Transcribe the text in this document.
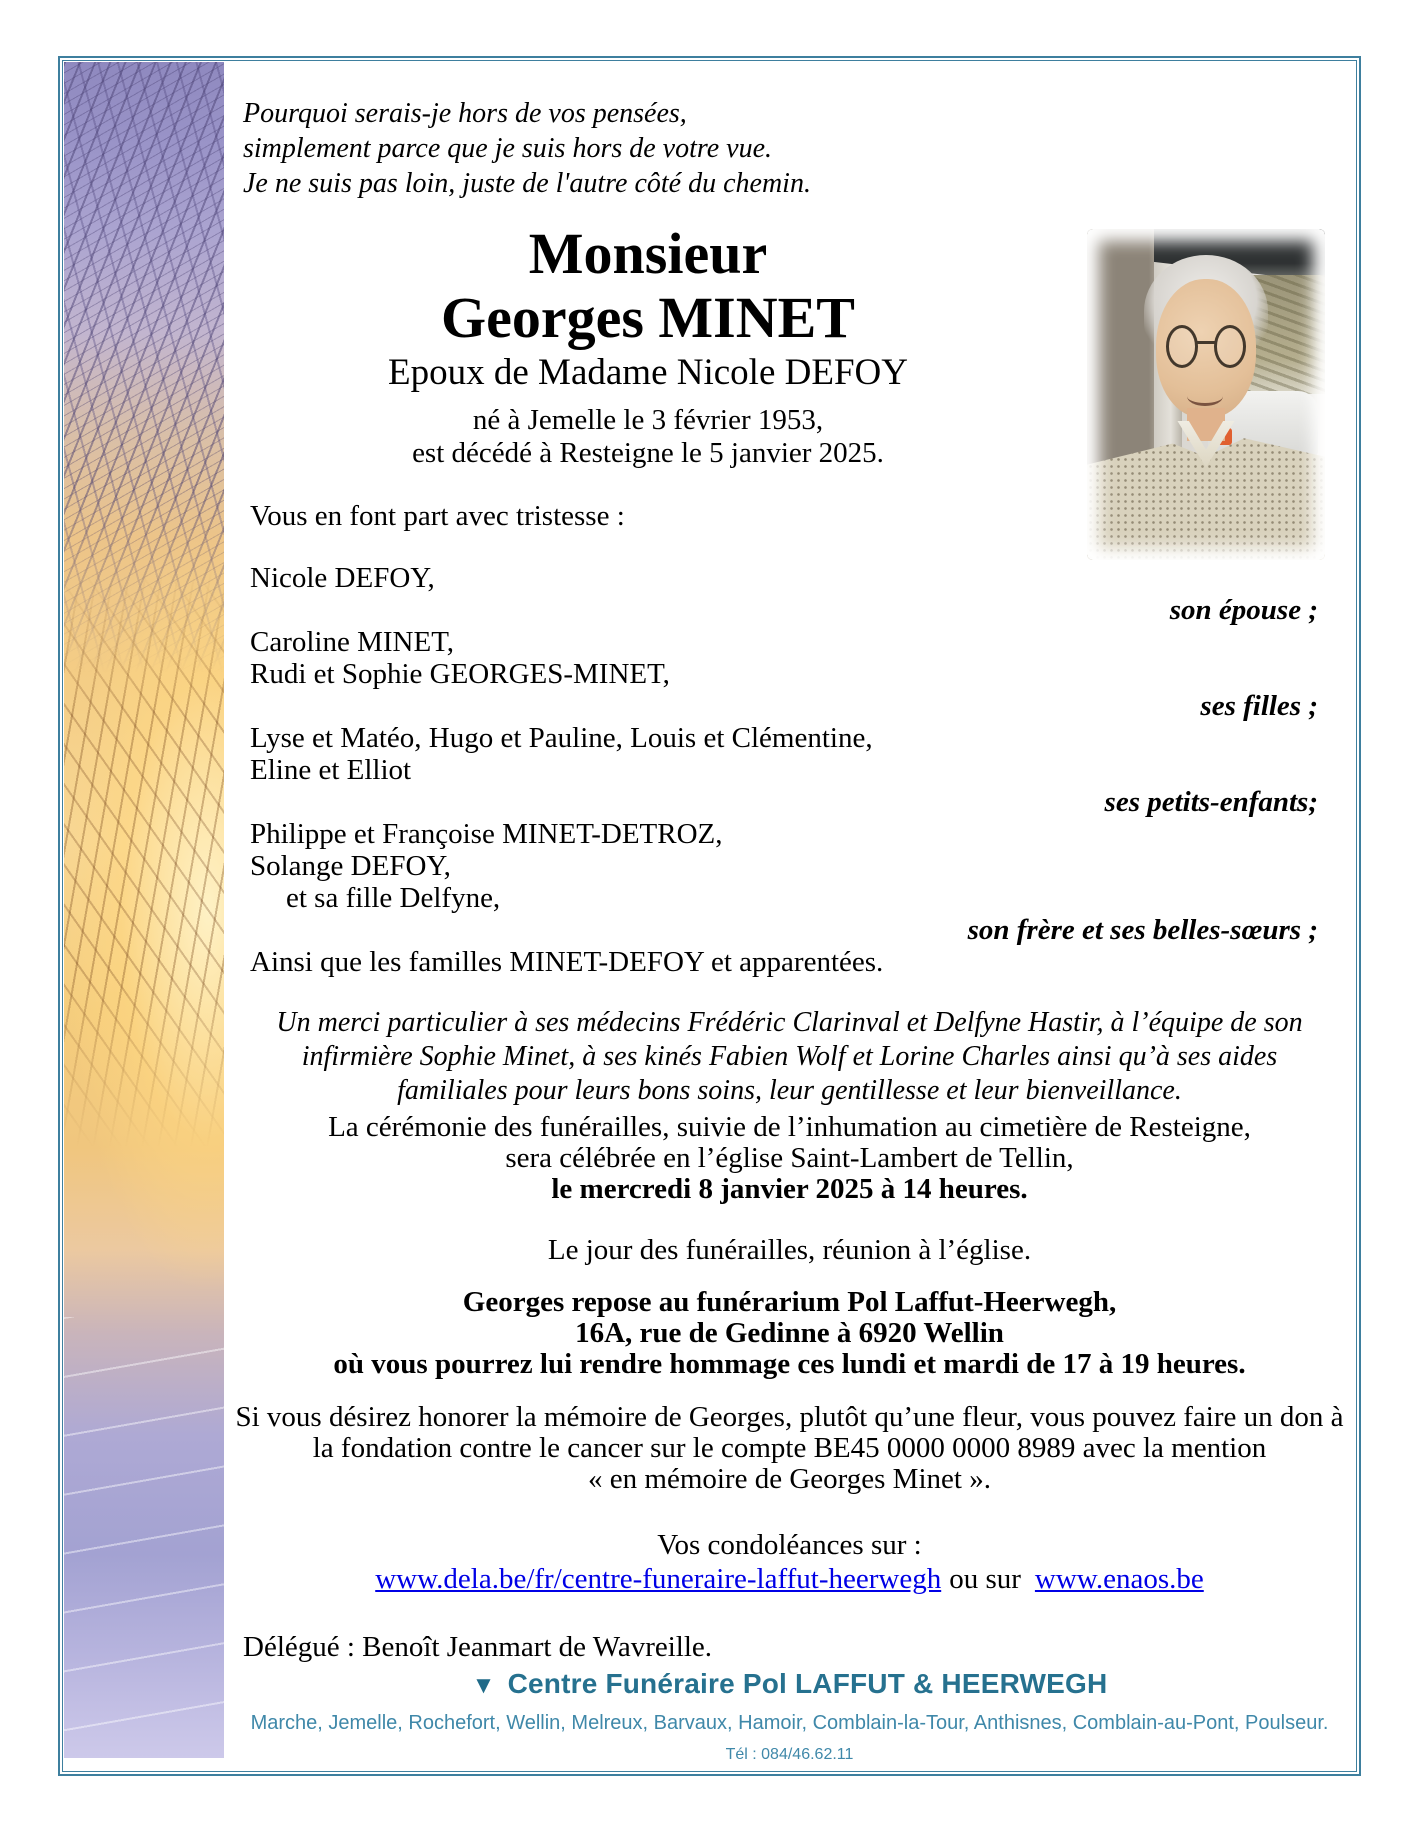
Pourquoi serais-je hors de vos pensées,
simplement parce que je suis hors de votre vue.
Je ne suis pas loin, juste de l'autre côté du chemin.
Monsieur
Georges MINET
Epoux de Madame Nicole DEFOY
né à Jemelle le 3 février 1953,
est décédé à Resteigne le 5 janvier 2025.
Vous en font part avec tristesse :
Nicole DEFOY,
son épouse ;
Caroline MINET,
Rudi et Sophie GEORGES-MINET,
ses filles ;
Lyse et Matéo, Hugo et Pauline, Louis et Clémentine,
Eline et Elliot
ses petits-enfants;
Philippe et Françoise MINET-DETROZ,
Solange DEFOY,
et sa fille Delfyne,
son frère et ses belles-sœurs ;
Ainsi que les familles MINET-DEFOY et apparentées.
Un merci particulier à ses médecins Frédéric Clarinval et Delfyne Hastir, à l’équipe de son
infirmière Sophie Minet, à ses kinés Fabien Wolf et Lorine Charles ainsi qu’à ses aides
familiales pour leurs bons soins, leur gentillesse et leur bienveillance.
La cérémonie des funérailles, suivie de l’inhumation au cimetière de Resteigne,
sera célébrée en l’église Saint-Lambert de Tellin,
le mercredi 8 janvier 2025 à 14 heures.
Le jour des funérailles, réunion à l’église.
Georges repose au funérarium Pol Laffut-Heerwegh,
16A, rue de Gedinne à 6920 Wellin
où vous pourrez lui rendre hommage ces lundi et mardi de 17 à 19 heures.
Si vous désirez honorer la mémoire de Georges, plutôt qu’une fleur, vous pouvez faire un don à
la fondation contre le cancer sur le compte BE45 0000 0000 8989 avec la mention
« en mémoire de Georges Minet ».
Vos condoléances sur :
www.dela.be/fr/centre-funeraire-laffut-heerwegh ou sur www.enaos.be
Délégué : Benoît Jeanmart de Wavreille.
▼ Centre Funéraire Pol LAFFUT & HEERWEGH
Marche, Jemelle, Rochefort, Wellin, Melreux, Barvaux, Hamoir, Comblain-la-Tour, Anthisnes, Comblain-au-Pont, Poulseur.
Tél : 084/46.62.11
